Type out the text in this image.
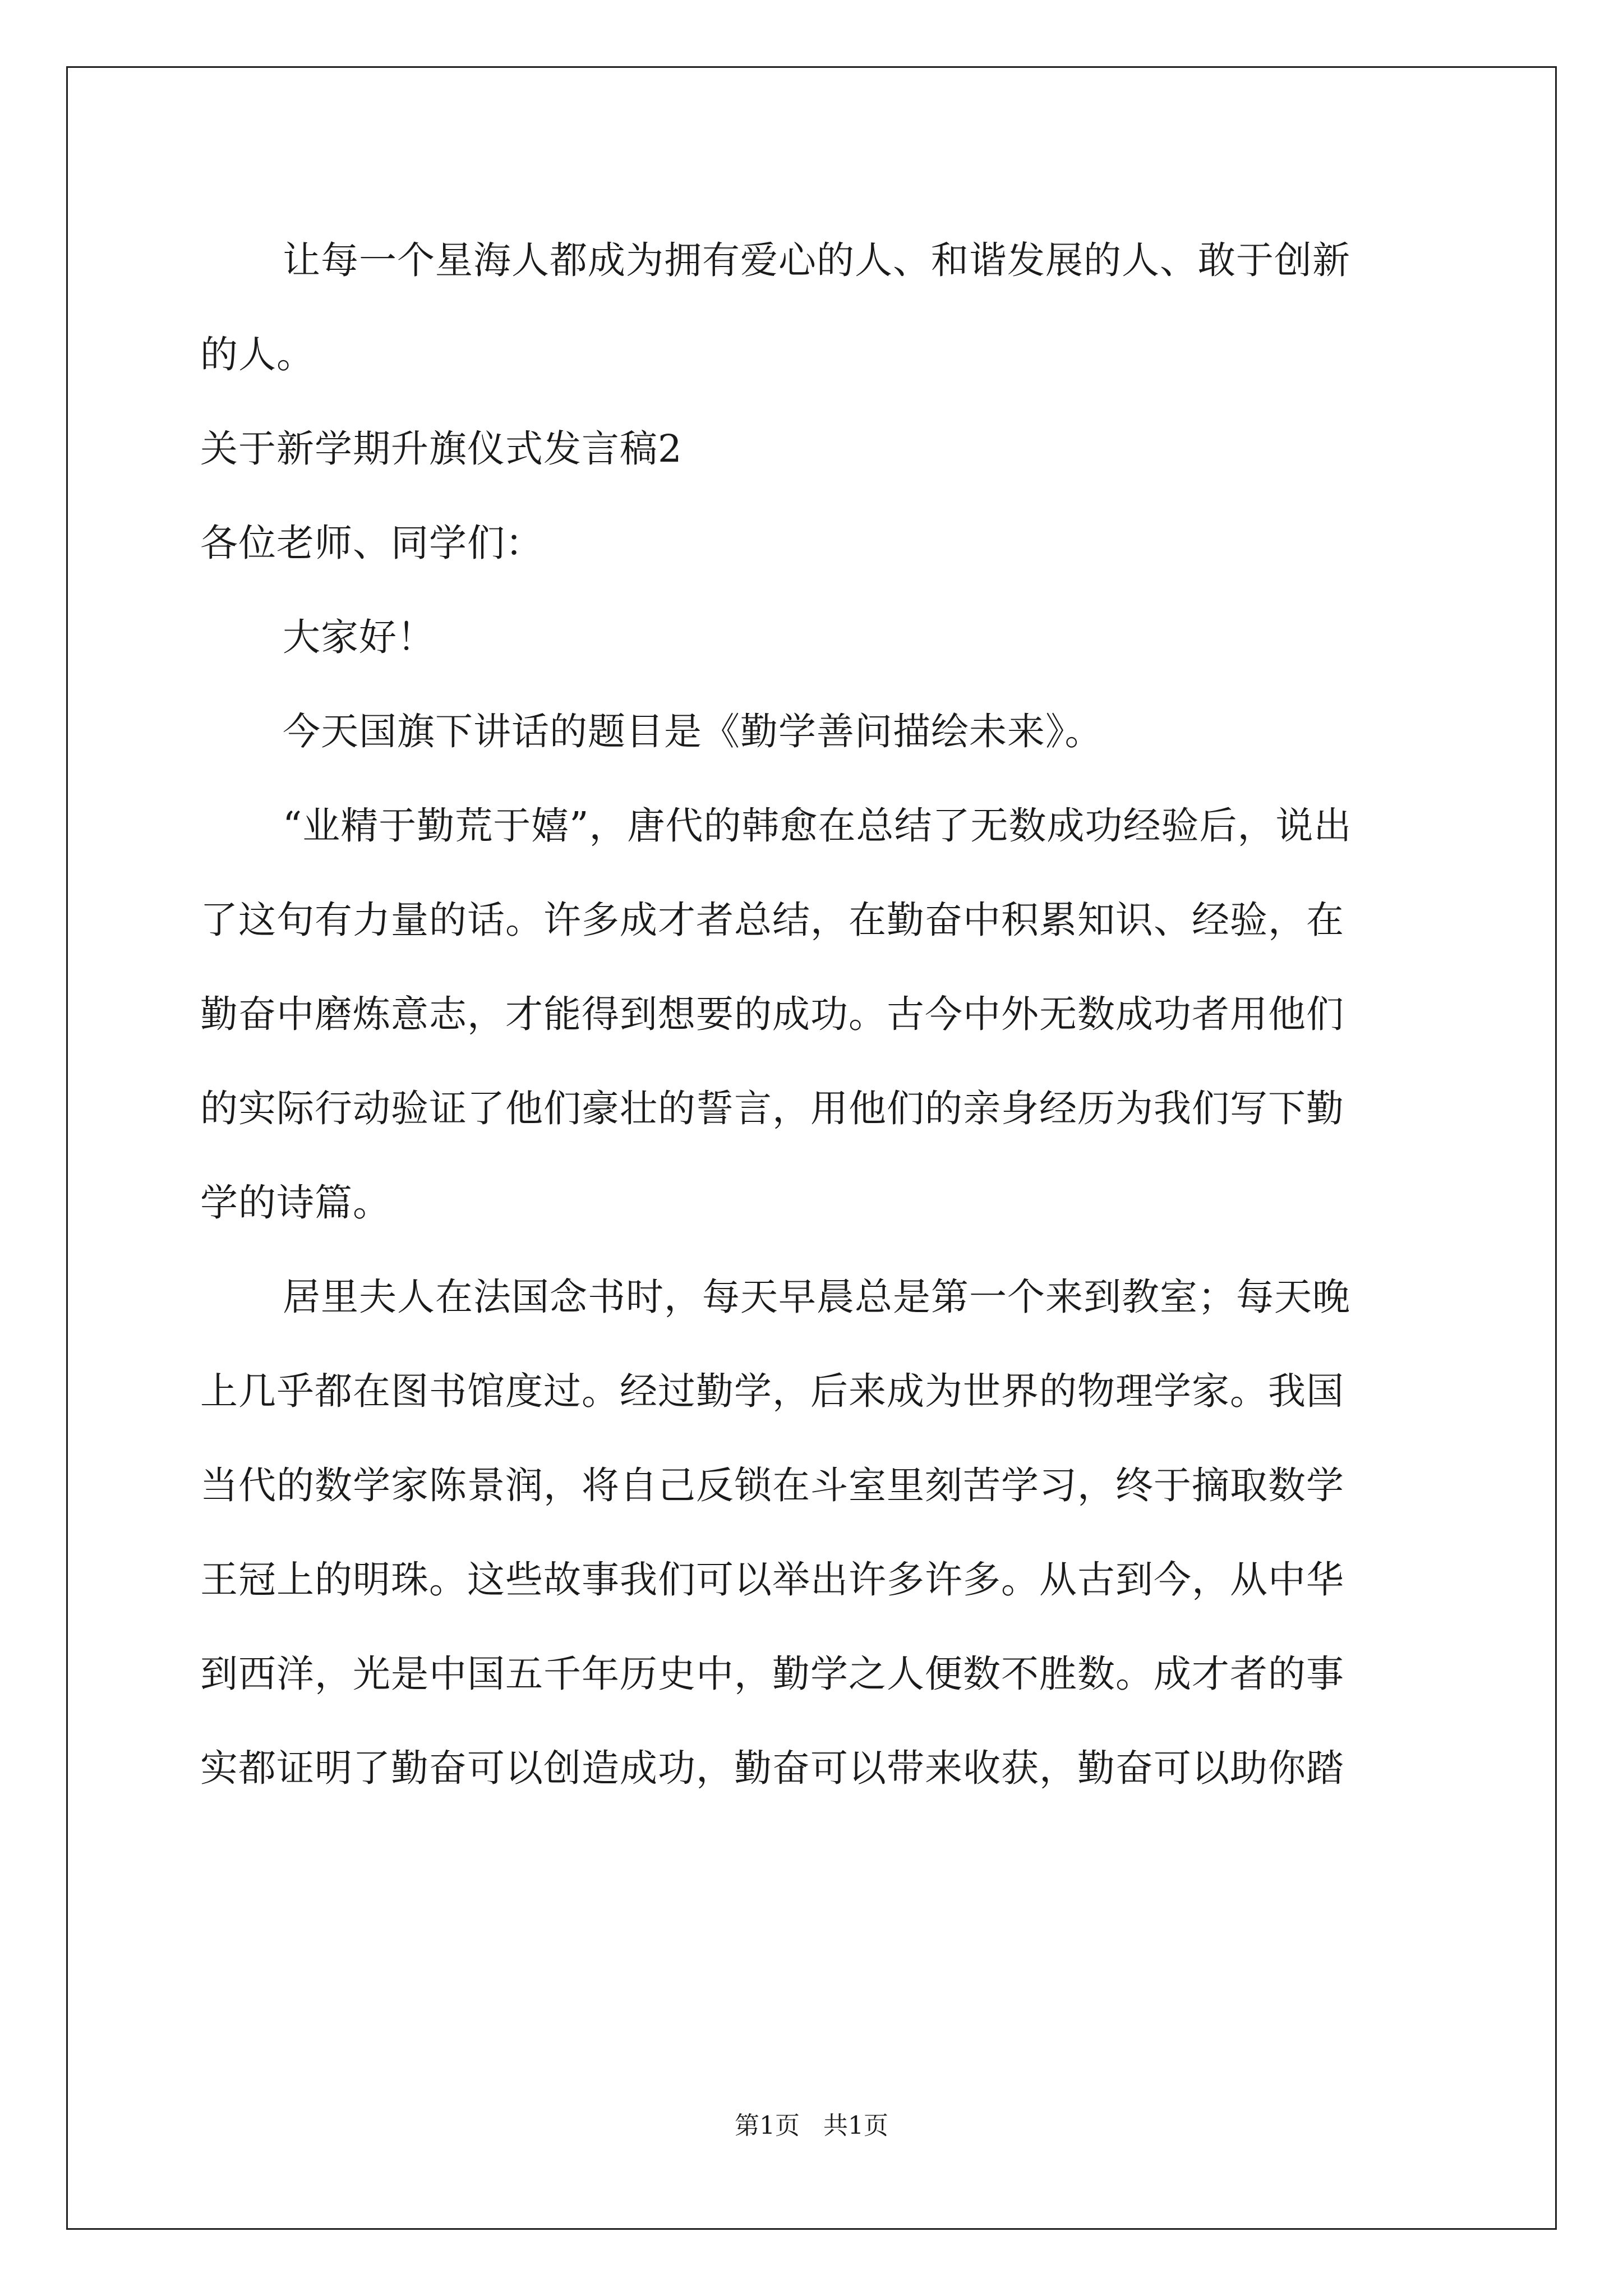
让每一个星海人都成为拥有爱心的人、和谐发展的人、敢于创新
的人。
关于新学期升旗仪式发言稿2
各位老师、同学们：
大家好！
今天国旗下讲话的题目是《勤学善问描绘未来》。
“业精于勤荒于嬉”，唐代的韩愈在总结了无数成功经验后，说出
了这句有力量的话。许多成才者总结，在勤奋中积累知识、经验，在
勤奋中磨炼意志，才能得到想要的成功。古今中外无数成功者用他们
的实际行动验证了他们豪壮的誓言，用他们的亲身经历为我们写下勤
学的诗篇。
居里夫人在法国念书时，每天早晨总是第一个来到教室；每天晚
上几乎都在图书馆度过。经过勤学，后来成为世界的物理学家。我国
当代的数学家陈景润，将自己反锁在斗室里刻苦学习，终于摘取数学
王冠上的明珠。这些故事我们可以举出许多许多。从古到今，从中华
到西洋，光是中国五千年历史中，勤学之人便数不胜数。成才者的事
实都证明了勤奋可以创造成功，勤奋可以带来收获，勤奋可以助你踏
第1页   共1页
